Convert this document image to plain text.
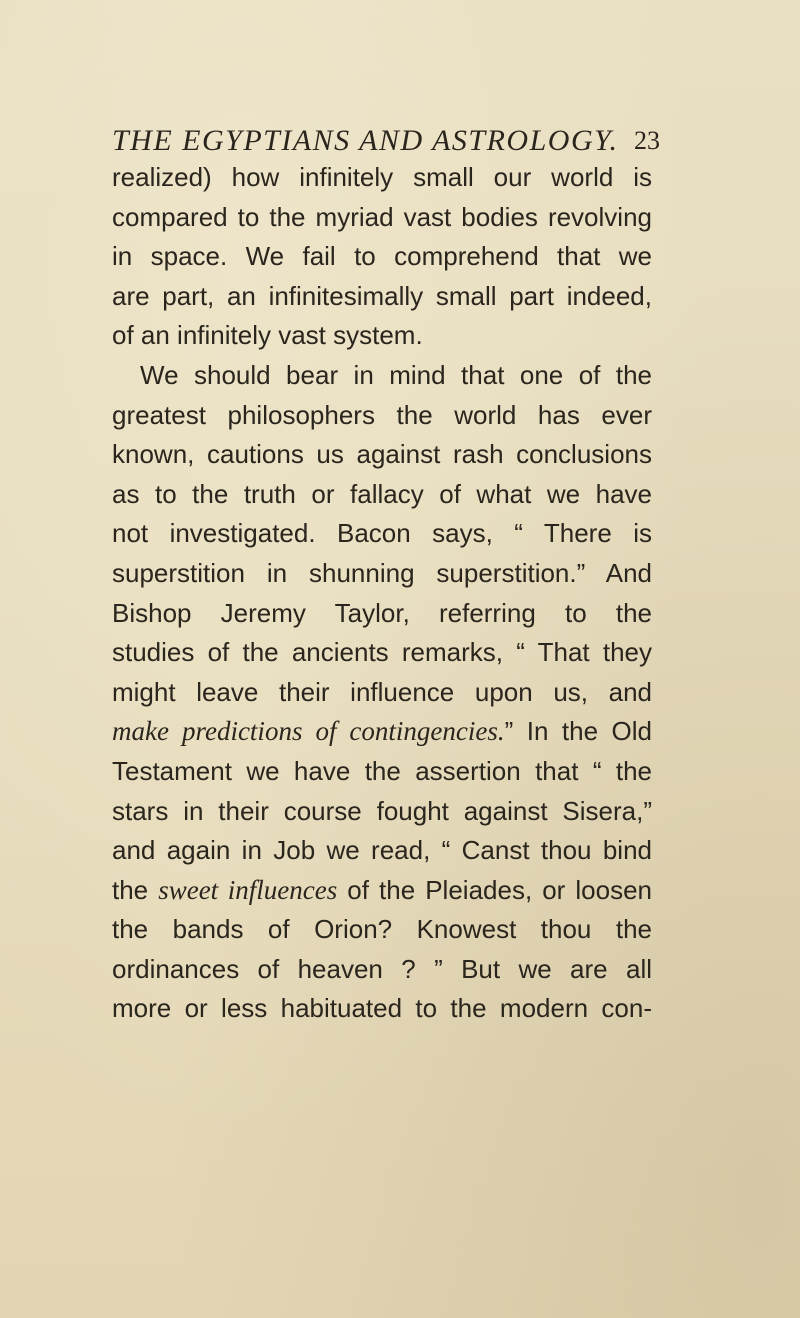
THE EGYPTIANS AND ASTROLOGY. 23
realized) how infinitely small our world is
compared to the myriad vast bodies revolving
in space. We fail to comprehend that we
are part, an infinitesimally small part indeed,
of an infinitely vast system.
We should bear in mind that one of the
greatest philosophers the world has ever
known, cautions us against rash conclusions
as to the truth or fallacy of what we have
not investigated. Bacon says, “ There is
superstition in shunning superstition.” And
Bishop Jeremy Taylor, referring to the
studies of the ancients remarks, “ That they
might leave their influence upon us, and
make predictions of contingencies.” In the Old
Testament we have the assertion that “ the
stars in their course fought against Sisera,”
and again in Job we read, “ Canst thou bind
the sweet influences of the Pleiades, or loosen
the bands of Orion? Knowest thou the
ordinances of heaven ? ” But we are all
more or less habituated to the modern con-
